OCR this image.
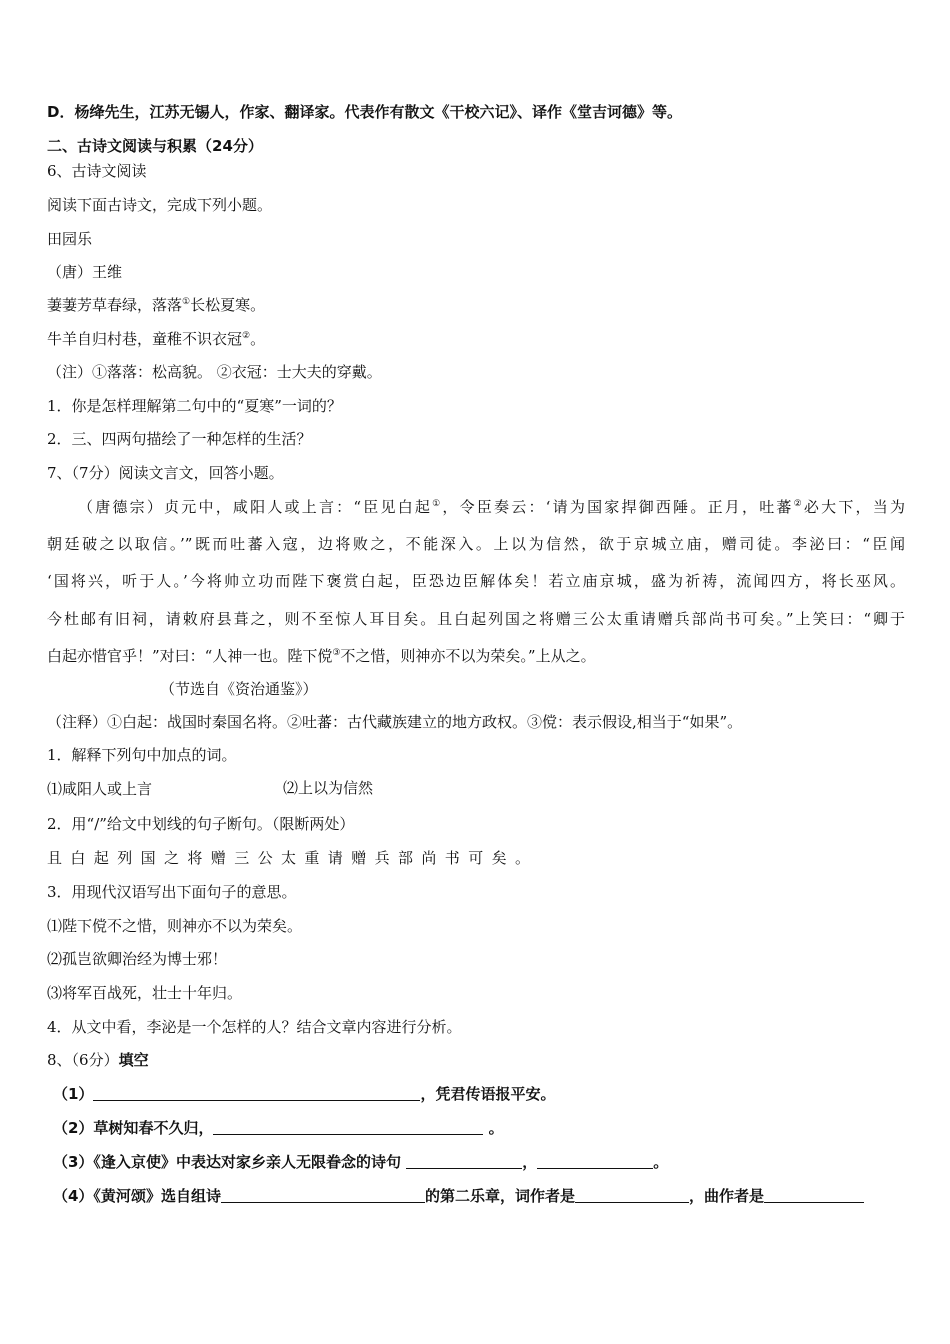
D．杨绛先生，江苏无锡人，作家、翻译家。代表作有散文《干校六记》、译作《堂吉诃德》等。
二、古诗文阅读与积累（24分）
6、古诗文阅读
阅读下面古诗文，完成下列小题。
田园乐
（唐）王维
萋萋芳草春绿，落落①长松夏寒。
牛羊自归村巷，童稚不识衣冠②。
（注）①落落：松高貌。 ②衣冠：士大夫的穿戴。
1．你是怎样理解第二句中的“夏寒”一词的？
2．三、四两句描绘了一种怎样的生活？
7、（7分）阅读文言文，回答小题。
（唐德宗）贞元中，咸阳人或上言：“臣见白起①，令臣奏云：‘请为国家捍御西陲。正月，吐蕃②必大下，当为
朝廷破之以取信。’”既而吐蕃入寇，边将败之，不能深入。上以为信然，欲于京城立庙，赠司徒。李泌曰：“臣闻
‘国将兴，听于人。’今将帅立功而陛下褒赏白起，臣恐边臣解体矣！若立庙京城，盛为祈祷，流闻四方，将长巫风。
今杜邮有旧祠，请敕府县葺之，则不至惊人耳目矣。且白起列国之将赠三公太重请赠兵部尚书可矣。”上笑曰：“卿于
白起亦惜官乎！”对曰：“人神一也。陛下傥③不之惜，则神亦不以为荣矣。”上从之。
（节选自《资治通鉴》）
（注释）①白起：战国时秦国名将。②吐蕃：古代藏族建立的地方政权。③傥：表示假设,相当于“如果”。
1．解释下列句中加点的词。
⑴咸阳人或上言	⑵上以为信然
2．用“/”给文中划线的句子断句。（限断两处）
且白起列国之将赠三公太重请赠兵部尚书可矣。
3．用现代汉语写出下面句子的意思。
⑴陛下傥不之惜，则神亦不以为荣矣。
⑵孤岂欲卿治经为博士邪！
⑶将军百战死，壮士十年归。
4．从文中看，李泌是一个怎样的人？结合文章内容进行分析。
8、（6分）填空
（1）	，凭君传语报平安。
（2）草树知春不久归，	。
（3）《逢入京使》中表达对家乡亲人无限眷念的诗句	，	。
（4）《黄河颂》选自组诗	的第二乐章，词作者是	，曲作者是
